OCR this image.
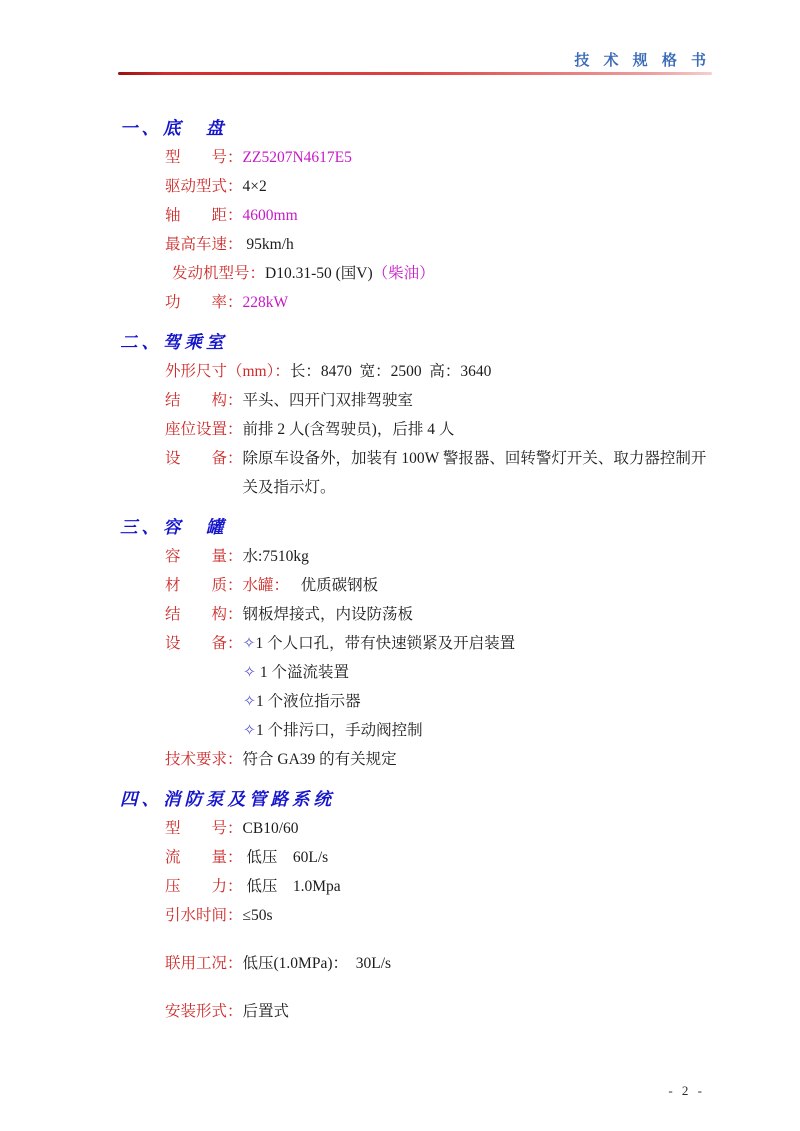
技 术 规 格 书
一、底　盘
型　　号： ZZ5207N4617E5
驱动型式： 4×2
轴　　距： 4600mm
最高车速： 95km/h
发动机型号： D10.31-50 (国V)（柴油）
功　　率： 228kW
二、驾乘室
外形尺寸（mm）： 长：8470  宽：2500  高：3640
结　　构： 平头、四开门双排驾驶室
座位设置： 前排 2 人(含驾驶员)，后排 4 人
设　　备： 除原车设备外，加装有 100W 警报器、回转警灯开关、取力器控制开关及指示灯。
三、容　罐
容　　量： 水:7510kg
材　　质： 水罐：　 优质碳钢板
结　　构： 钢板焊接式，内设防荡板
设　　备： ✧1 个人口孔，带有快速锁紧及开启装置
✧ 1 个溢流装置
✧1 个液位指示器
✧1 个排污口，手动阀控制
技术要求： 符合 GA39 的有关规定
四、消防泵及管路系统
型　　号： CB10/60
流　　量： 低压　60L/s
压　　力： 低压　1.0Mpa
引水时间： ≤50s
联用工况： 低压(1.0MPa)：　30L/s
安装形式： 后置式
- 2 -
